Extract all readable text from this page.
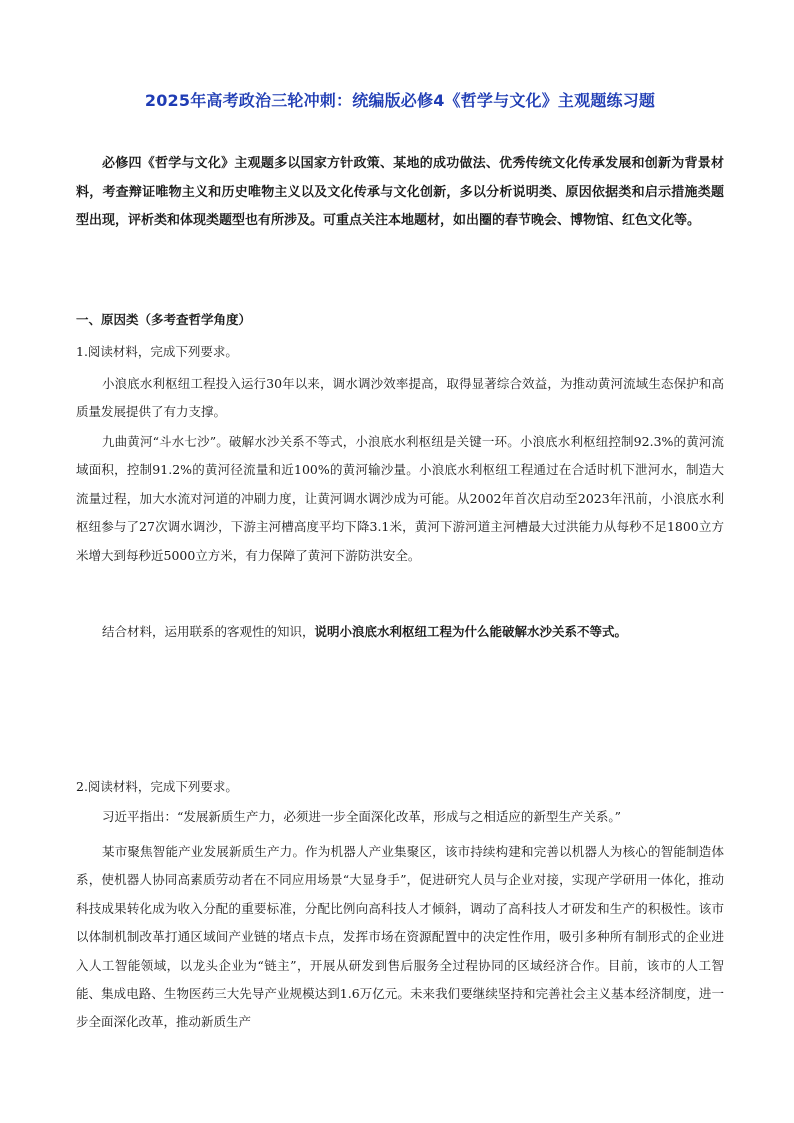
2025年高考政治三轮冲刺：统编版必修4《哲学与文化》主观题练习题
必修四《哲学与文化》主观题多以国家方针政策、某地的成功做法、优秀传统文化传承发展和创新为背景材料，考查辩证唯物主义和历史唯物主义以及文化传承与文化创新，多以分析说明类、原因依据类和启示措施类题型出现，评析类和体现类题型也有所涉及。可重点关注本地题材，如出圈的春节晚会、博物馆、红色文化等。
一、原因类（多考查哲学角度）
1.阅读材料，完成下列要求。
小浪底水利枢纽工程投入运行30年以来，调水调沙效率提高，取得显著综合效益，为推动黄河流域生态保护和高质量发展提供了有力支撑。
九曲黄河“斗水七沙”。破解水沙关系不等式，小浪底水利枢纽是关键一环。小浪底水利枢纽控制92.3%的黄河流域面积，控制91.2%的黄河径流量和近100%的黄河输沙量。小浪底水利枢纽工程通过在合适时机下泄河水，制造大流量过程，加大水流对河道的冲刷力度，让黄河调水调沙成为可能。从2002年首次启动至2023年汛前，小浪底水利枢纽参与了27次调水调沙，下游主河槽高度平均下降3.1米，黄河下游河道主河槽最大过洪能力从每秒不足1800立方米增大到每秒近5000立方米，有力保障了黄河下游防洪安全。
结合材料，运用联系的客观性的知识，说明小浪底水利枢纽工程为什么能破解水沙关系不等式。
2.阅读材料，完成下列要求。
习近平指出：“发展新质生产力，必须进一步全面深化改革，形成与之相适应的新型生产关系。”
某市聚焦智能产业发展新质生产力。作为机器人产业集聚区，该市持续构建和完善以机器人为核心的智能制造体系，使机器人协同高素质劳动者在不同应用场景“大显身手”，促进研究人员与企业对接，实现产学研用一体化，推动科技成果转化成为收入分配的重要标准，分配比例向高科技人才倾斜，调动了高科技人才研发和生产的积极性。该市以体制机制改革打通区域间产业链的堵点卡点，发挥市场在资源配置中的决定性作用，吸引多种所有制形式的企业进入人工智能领域，以龙头企业为“链主”，开展从研发到售后服务全过程协同的区域经济合作。目前，该市的人工智能、集成电路、生物医药三大先导产业规模达到1.6万亿元。未来我们要继续坚持和完善社会主义基本经济制度，进一步全面深化改革，推动新质生产
